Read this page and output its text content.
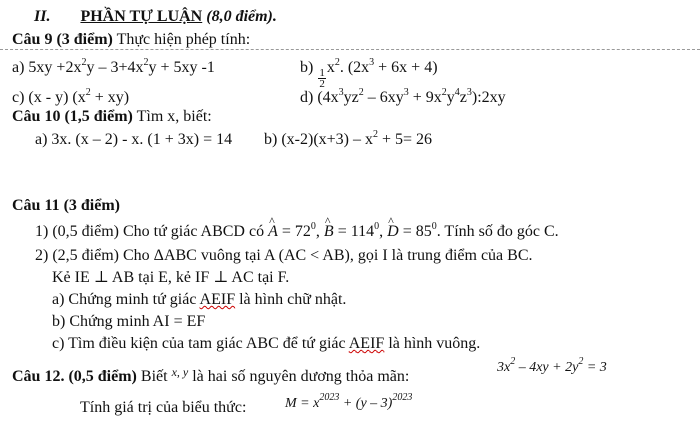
II. PHẦN TỰ LUẬN (8,0 điểm).
Câu 9 (3 điểm) Thực hiện phép tính:
a) $5xy +2x^2y - 3+4x^2y + 5xy$ -1	b)
$\frac{1}{2}$
$x^2$. $(2x^3 + 6x + 4)$
c) (x - y) $(x^2 + xy)$	d) ($4x^3yz^2 - 6xy^3$ + $9x^2y^4z^3):2xy$
Câu 10 (1,5 điểm) Tìm x, biết:
a) 3x. (x – 2) - x. (1 + 3x) = 14 b) $(x-2)(x+3) - x^2 + 5= 26$
Câu 11 (3 điểm)
1) (0,5 điểm) Cho tứ giác ABCD có ^ $A = 72^0$, ^ $B = 114^0$, ^ $D = 85^0$. Tính số đo góc C.
2) (2,5 điểm) Cho ΔABC vuông tại A (AC < AB), gọi I là trung điểm của BC.
Kẻ IE ⊥ AB tại E, kẻ IF ⊥ AC tại F.
a) Chứng minh tứ giác AEIF là hình chữ nhật.
b) Chứng minh AI = EF
c) Tìm điều kiện của tam giác ABC để tứ giác AEIF là hình vuông.
Câu 12. (0,5 điểm) Biết $^{x, y}$ là hai số nguyên dương thỏa mãn:
$3x^2 - 4xy + 2y^2 = 3$
Tính giá trị của biểu thức:	$M = x^{2023} + (y - 3)^{2023}$
